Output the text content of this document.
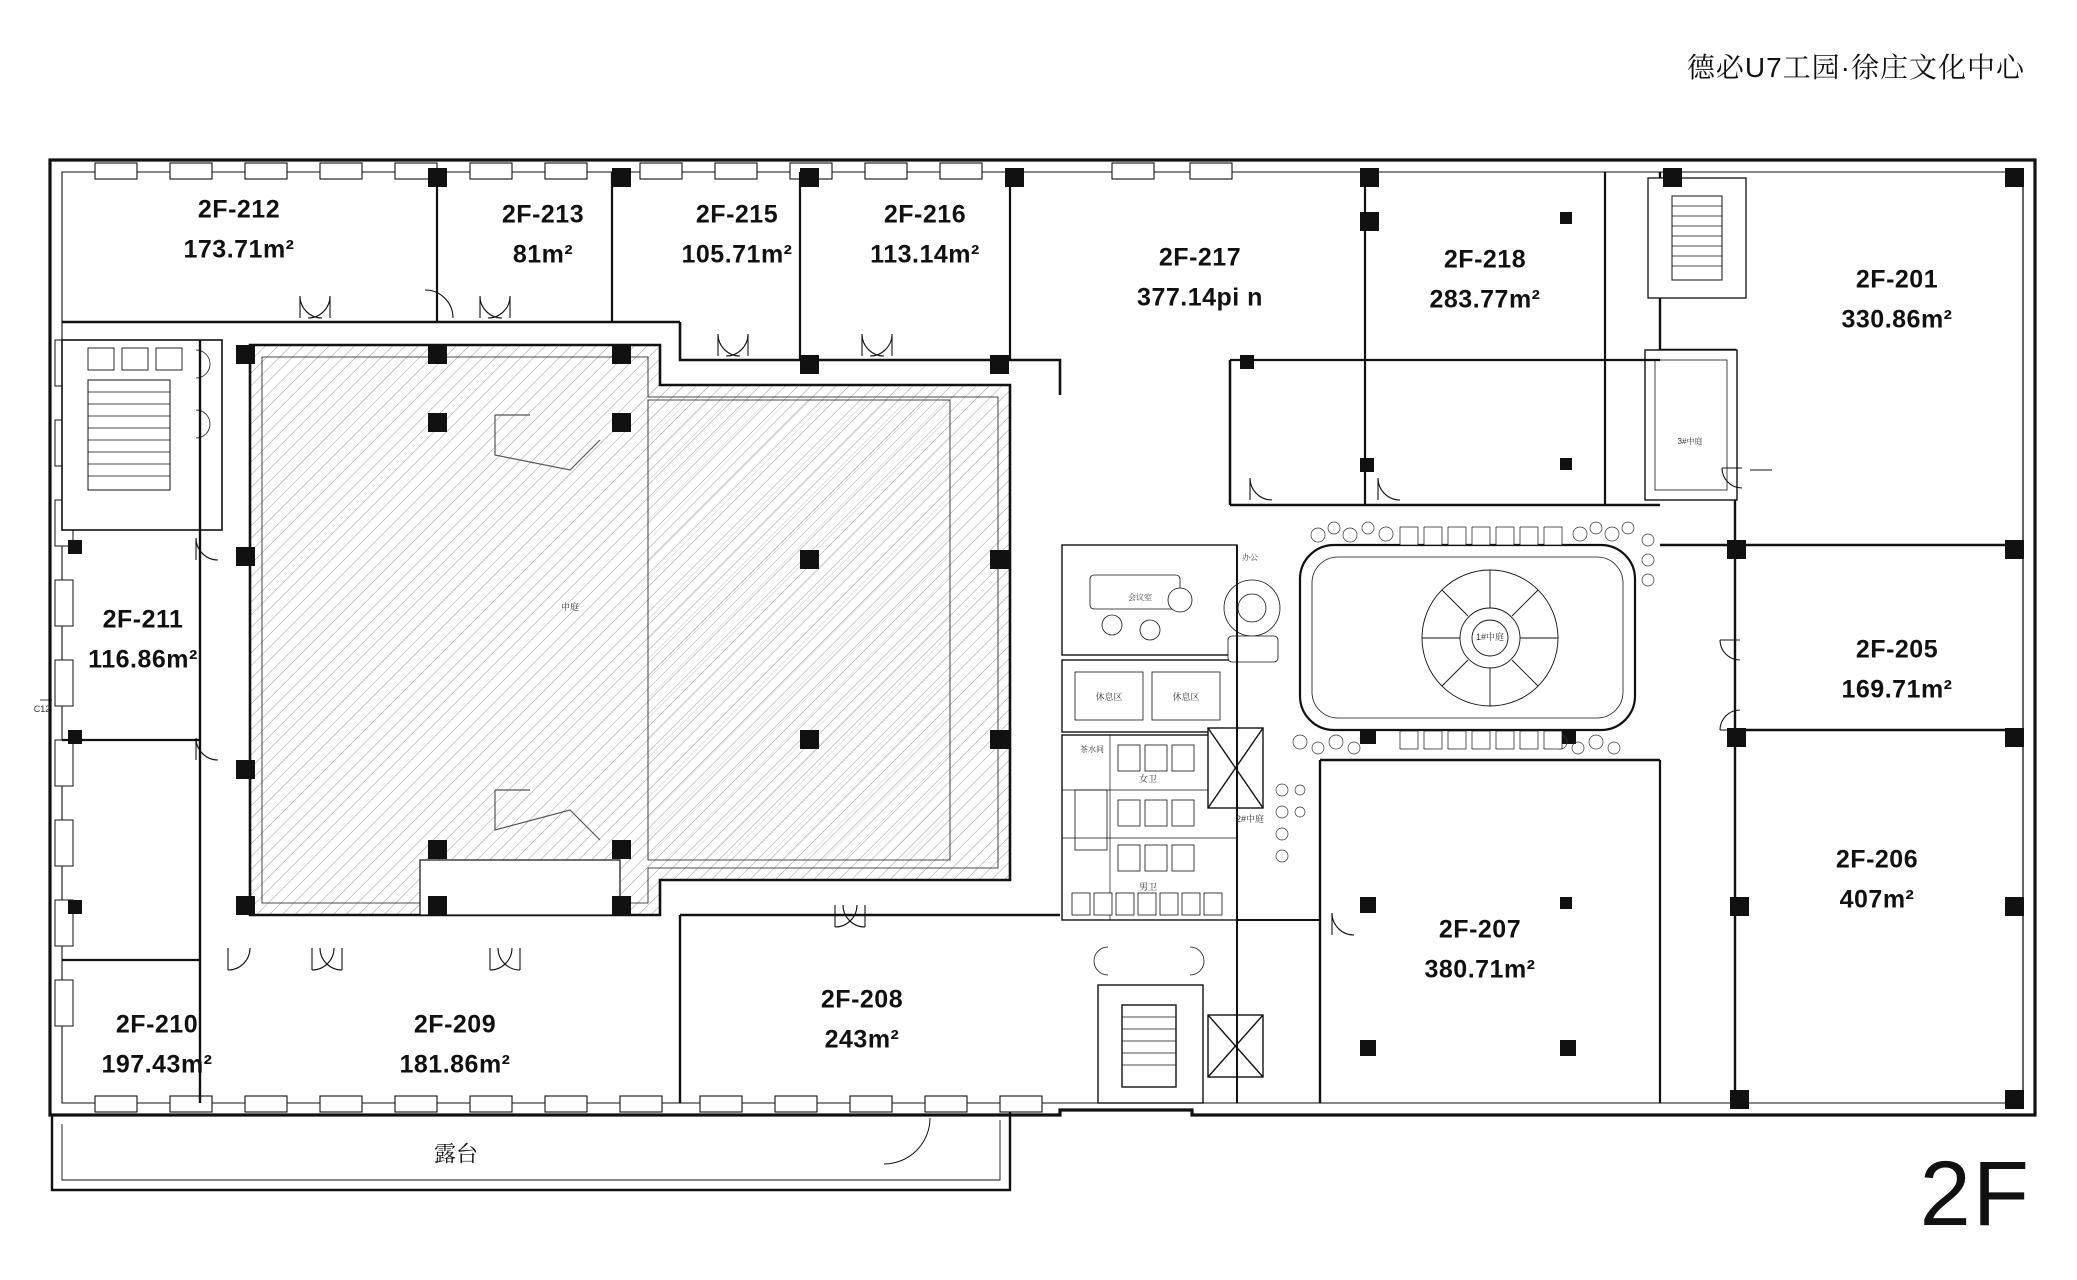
德必U7工园·徐庄文化中心
办公
1#中庭
3#中庭
2#中庭
休息区	休息区
茶水间
女卫
男卫
会议室
C12
中庭
2F-212
173.71m²
2F-213
81m²
2F-215
105.71m²
2F-216
113.14m²	2F-217
377.14pi n
2F-218
283.77m²
2F-201
330.86m²
2F-211
116.86m²	2F-205
169.71m²
2F-206
407m²
2F-207
380.71m²
2F-208
243m²
2F-209
181.86m²
2F-210
197.43m²
露台	2F
